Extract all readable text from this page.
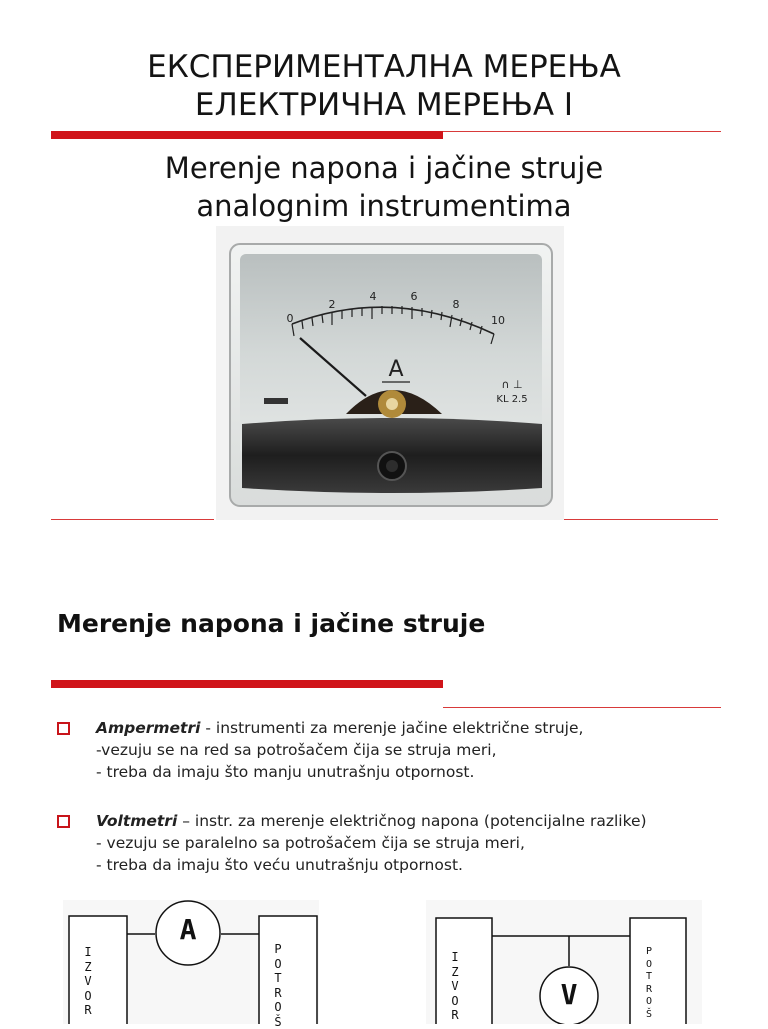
ЕКСПЕРИМЕНТАЛНА МЕРЕЊА
ЕЛЕКТРИЧНА МЕРЕЊА I
Merenje napona i jačine struje
analognim instrumentima
0
2
4	6
8
10
A
∩ ⊥
KL 2.5
Merenje napona i jačine struje
Ampermetri - instrumenti za merenje jačine električne struje,
-vezuju se na red sa potrošačem čija se struja meri,
- treba da imaju što manju unutrašnju otpornost.
Voltmetri – instr. za merenje električnog napona (potencijalne razlike)
- vezuju se paralelno sa potrošačem čija se struja meri,
- treba da imaju što veću unutrašnju otpornost.
A
I
Z
V
O
R
P
O
T
R
O
Š
V
I
Z
V
O
R
P
O
T
R
O
Š
